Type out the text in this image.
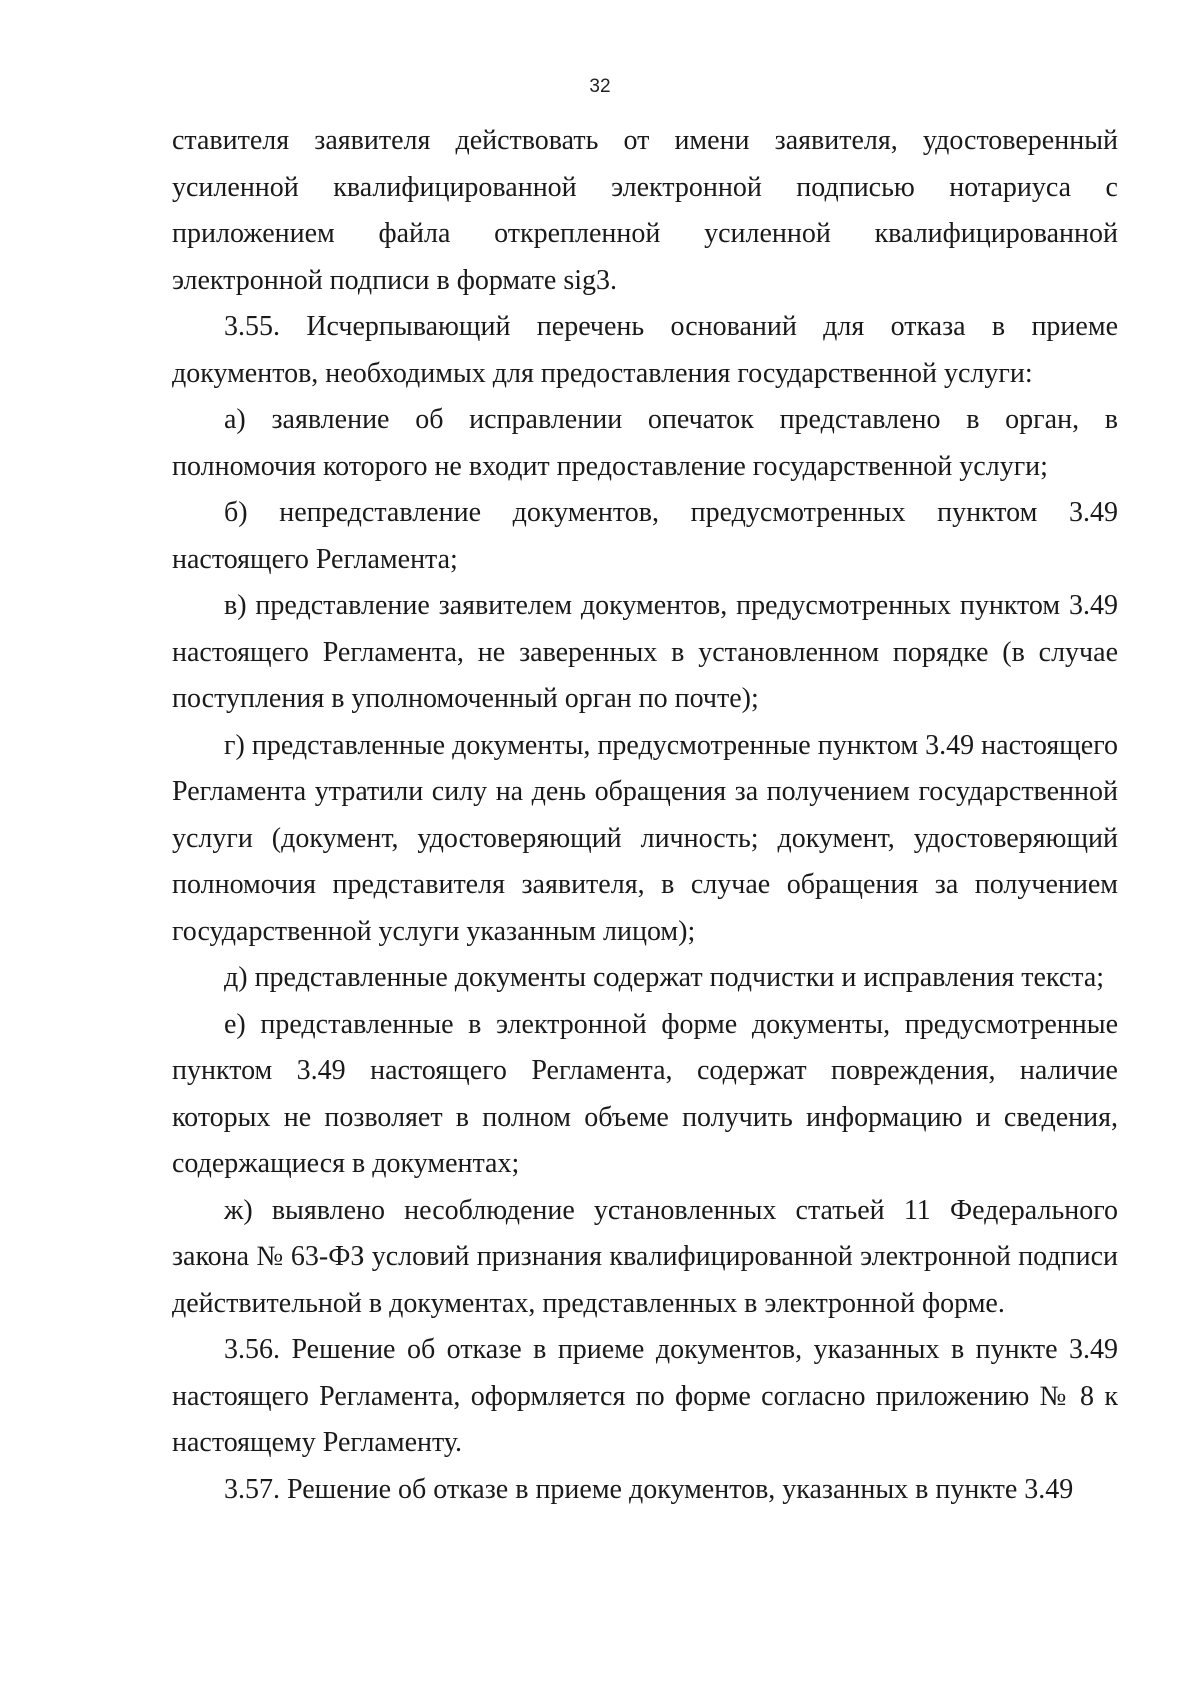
32

ставителя заявителя действовать от имени заявителя, удостоверенный усиленной квалифицированной электронной подписью нотариуса с приложением файла открепленной усиленной квалифицированной электронной подписи в формате sig3.

3.55. Исчерпывающий перечень оснований для отказа в приеме документов, необходимых для предоставления государственной услуги:

а) заявление об исправлении опечаток представлено в орган, в полномочия которого не входит предоставление государственной услуги;

б) непредставление документов, предусмотренных пунктом 3.49 настоящего Регламента;

в) представление заявителем документов, предусмотренных пунктом 3.49 настоящего Регламента, не заверенных в установленном порядке (в случае поступления в уполномоченный орган по почте);

г) представленные документы, предусмотренные пунктом 3.49 настоящего Регламента утратили силу на день обращения за получением государственной услуги (документ, удостоверяющий личность; документ, удостоверяющий полномочия представителя заявителя, в случае обращения за получением государственной услуги указанным лицом);

д) представленные документы содержат подчистки и исправления текста;

е) представленные в электронной форме документы, предусмотренные пунктом 3.49 настоящего Регламента, содержат повреждения, наличие которых не позволяет в полном объеме получить информацию и сведения, содержащиеся в документах;

ж) выявлено несоблюдение установленных статьей 11 Федерального закона № 63-ФЗ условий признания квалифицированной электронной подписи действительной в документах, представленных в электронной форме.

3.56. Решение об отказе в приеме документов, указанных в пункте 3.49 настоящего Регламента, оформляется по форме согласно приложению № 8 к настоящему Регламенту.

3.57. Решение об отказе в приеме документов, указанных в пункте 3.49
